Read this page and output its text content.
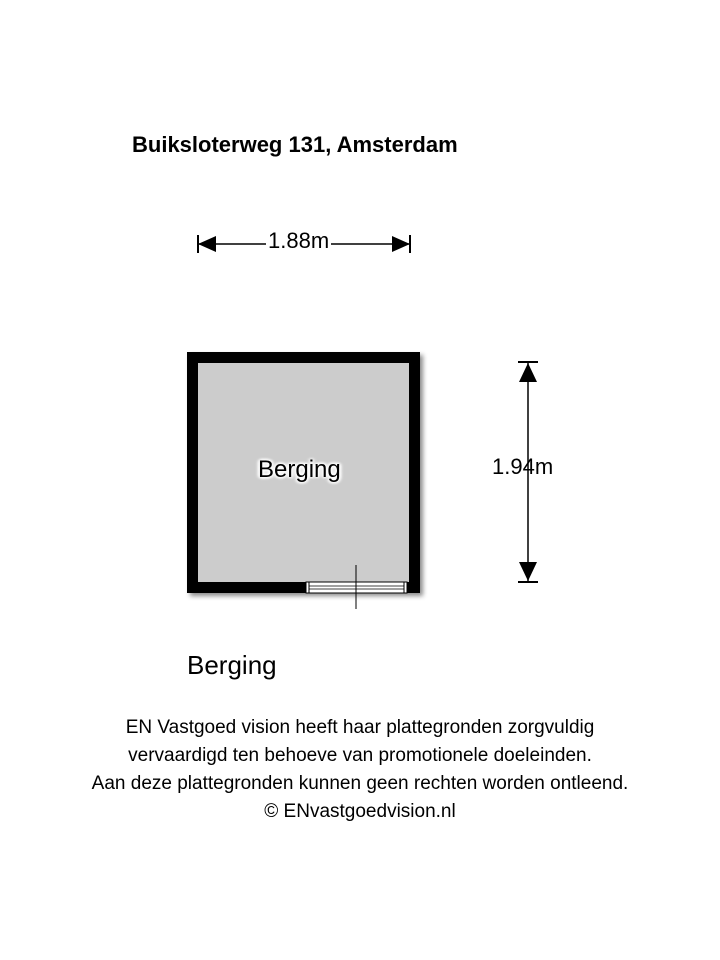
Buiksloterweg 131, Amsterdam
1.88m
1.94m
Berging
Berging
EN Vastgoed vision heeft haar plattegronden zorgvuldig
vervaardigd ten behoeve van promotionele doeleinden.
Aan deze plattegronden kunnen geen rechten worden ontleend.
© ENvastgoedvision.nl
